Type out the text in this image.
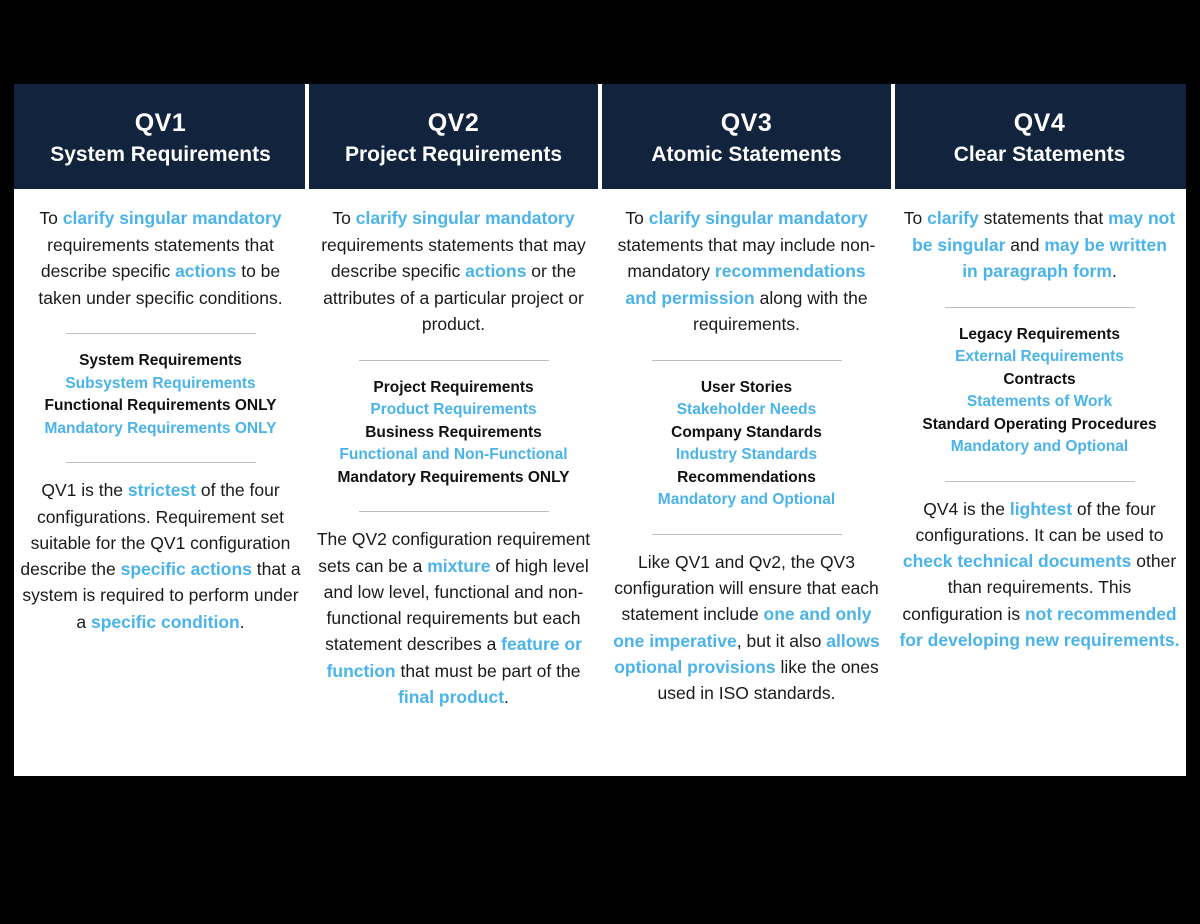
QV1
System Requirements
To clarify singular mandatory requirements statements that describe specific actions to be taken under specific conditions.
System Requirements
Subsystem Requirements
Functional Requirements ONLY
Mandatory Requirements ONLY
QV1 is the strictest of the four configurations. Requirement set suitable for the QV1 configuration describe the specific actions that a system is required to perform under a specific condition.
QV2
Project Requirements
To clarify singular mandatory requirements statements that may describe specific actions or the attributes of a particular project or product.
Project Requirements
Product Requirements
Business Requirements
Functional and Non-Functional
Mandatory Requirements ONLY
The QV2 configuration requirement sets can be a mixture of high level and low level, functional and non-functional requirements but each statement describes a feature or function that must be part of the final product.
QV3
Atomic Statements
To clarify singular mandatory statements that may include non-mandatory recommendations and permission along with the requirements.
User Stories
Stakeholder Needs
Company Standards
Industry Standards
Recommendations
Mandatory and Optional
Like QV1 and Qv2, the QV3 configuration will ensure that each statement include one and only one imperative, but it also allows optional provisions like the ones used in ISO standards.
QV4
Clear Statements
To clarify statements that may not be singular and may be written in paragraph form.
Legacy Requirements
External Requirements
Contracts
Statements of Work
Standard Operating Procedures
Mandatory and Optional
QV4 is the lightest of the four configurations. It can be used to check technical documents other than requirements. This configuration is not recommended for developing new requirements.
